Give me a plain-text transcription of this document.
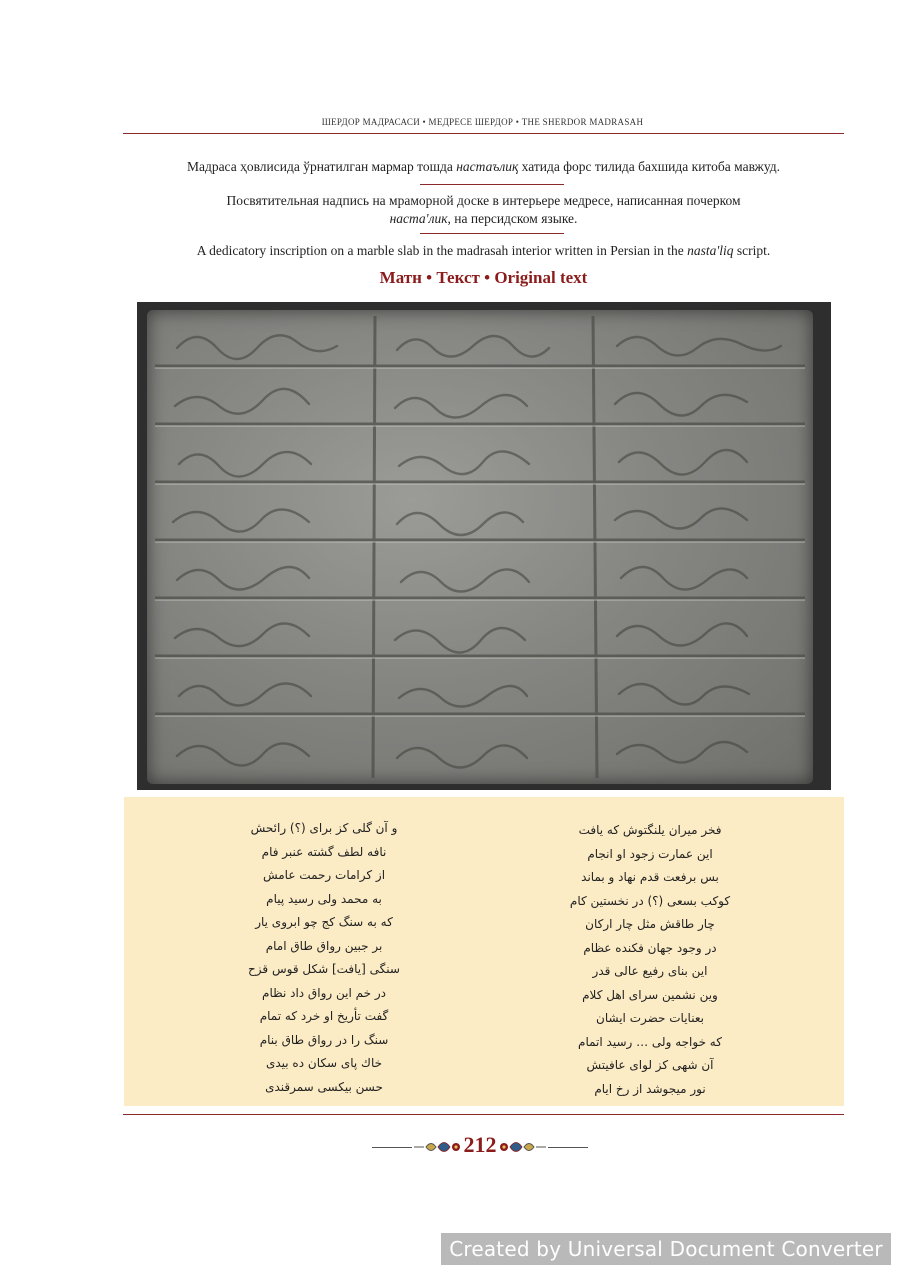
ШЕРДОР МАДРАСАСИ • МЕДРЕСЕ ШЕРДОР • THE SHERDOR MADRASAH
Мадраса ҳовлисида ўрнатилган мармар тошда настаълиқ хатида форс тилида бахшида китоба мавжуд.
Посвятительная надпись на мраморной доске в интерьере медресе, написанная почерком
наста'лик, на персидском языке.
A dedicatory inscription on a marble slab in the madrasah interior written in Persian in the nasta'liq script.
Матн • Текст • Original text
فخر میران یلنگتوش که یافت
این عمارت زجود او انجام
بس برفعت قدم نهاد و بماند
کوکب بسعی (؟) در نخستین کام
چار طاقش مثل چار ارکان
در وجود جهان فکنده عظام
این بنای رفیع عالی قدر
وین نشمین سرای اهل کلام
بعنایات حضرت ایشان
که خواجه ولی … رسید اتمام
آن شهی کز لوای عافیتش
نور میجوشد از رخ ایام
و آن گلی کز برای (؟) رائحش
نافه لطف گشته عنبر فام
از کرامات رحمت عامش
به محمد ولی رسید پیام
که به سنگ کج چو ابروی یار
بر جبین رواق طاق امام
سنگی [یافت] شکل قوس قزح
در خم این رواق داد نظام
گفت تأریخ او خرد که تمام
سنگ را در رواق طاق بنام
خاك پای سکان ده بیدی
حسن بیکسی سمرقندی
212
Created by Universal Document Converter
